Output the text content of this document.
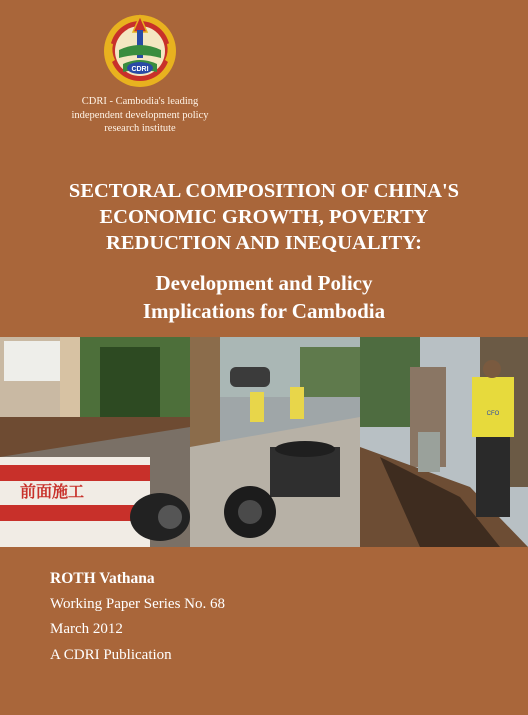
CDRI
CDRI - Cambodia's leading
independent development policy
research institute
SECTORAL COMPOSITION OF CHINA'S
ECONOMIC GROWTH, POVERTY
REDUCTION AND INEQUALITY:
Development and Policy
Implications for Cambodia
前面施工
CFO
ROTH Vathana
Working Paper Series No. 68
March 2012
A CDRI Publication
